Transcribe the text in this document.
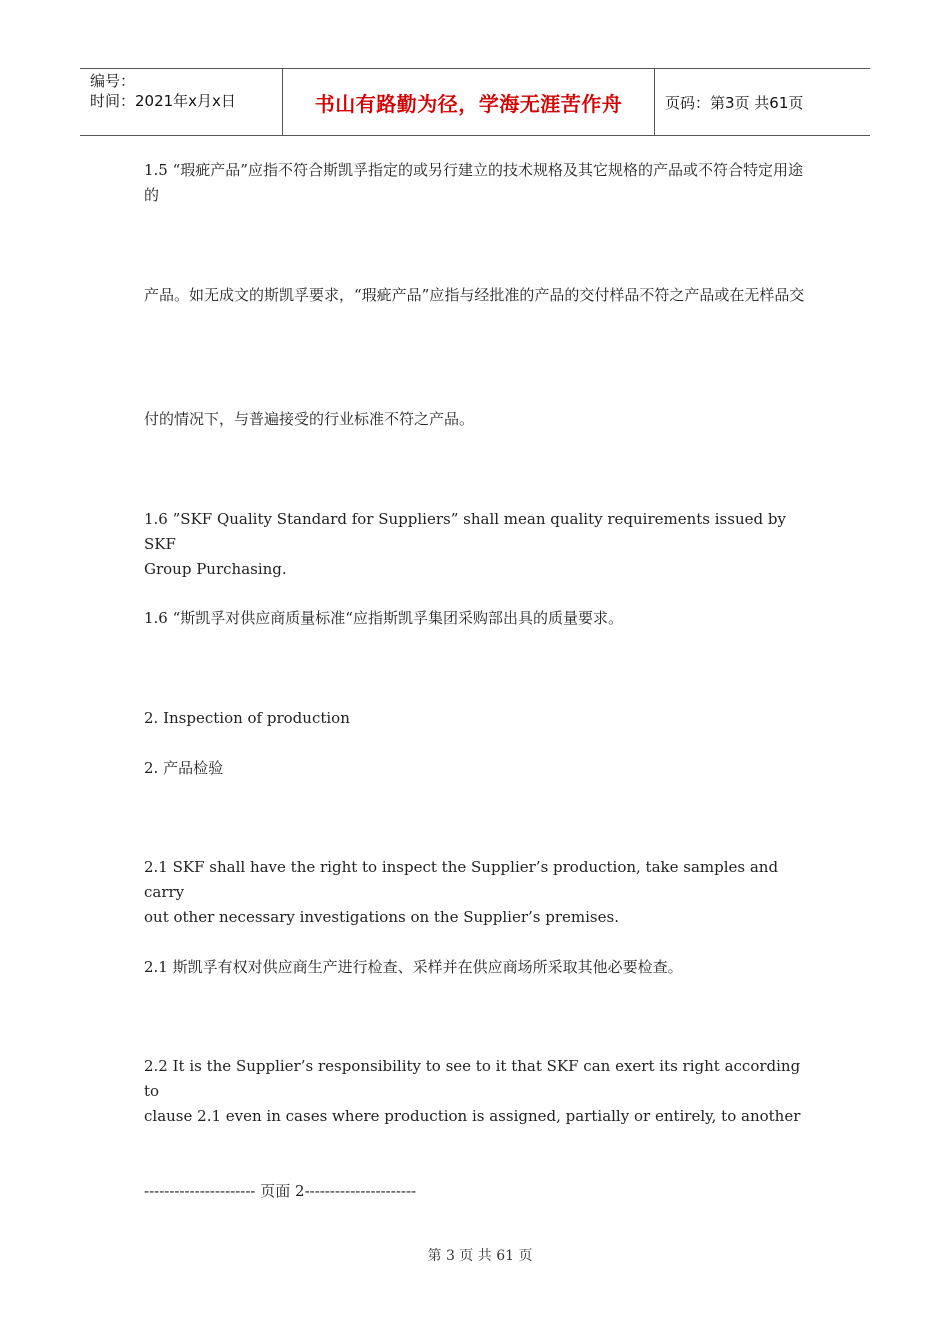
编号：
时间：2021年x月x日	书山有路勤为径，学海无涯苦作舟	页码：第3页 共61页

1.5 “瑕疵产品”应指不符合斯凯孚指定的或另行建立的技术规格及其它规格的产品或不符合特定用途的

产品。如无成文的斯凯孚要求，“瑕疵产品”应指与经批准的产品的交付样品不符之产品或在无样品交

付的情况下，与普遍接受的行业标准不符之产品。

1.6 ”SKF Quality Standard for Suppliers” shall mean quality requirements issued by SKF

Group Purchasing.

1.6 “斯凯孚对供应商质量标准“应指斯凯孚集团采购部出具的质量要求。

2. Inspection of production

2. 产品检验

2.1 SKF shall have the right to inspect the Supplier’s production, take samples and carry

out other necessary investigations on the Supplier’s premises.

2.1 斯凯孚有权对供应商生产进行检查、采样并在供应商场所采取其他必要检查。

2.2 It is the Supplier’s responsibility to see to it that SKF can exert its right according to

clause 2.1 even in cases where production is assigned, partially or entirely, to another

---------------------- 页面 2----------------------

第 3 页 共 61 页
